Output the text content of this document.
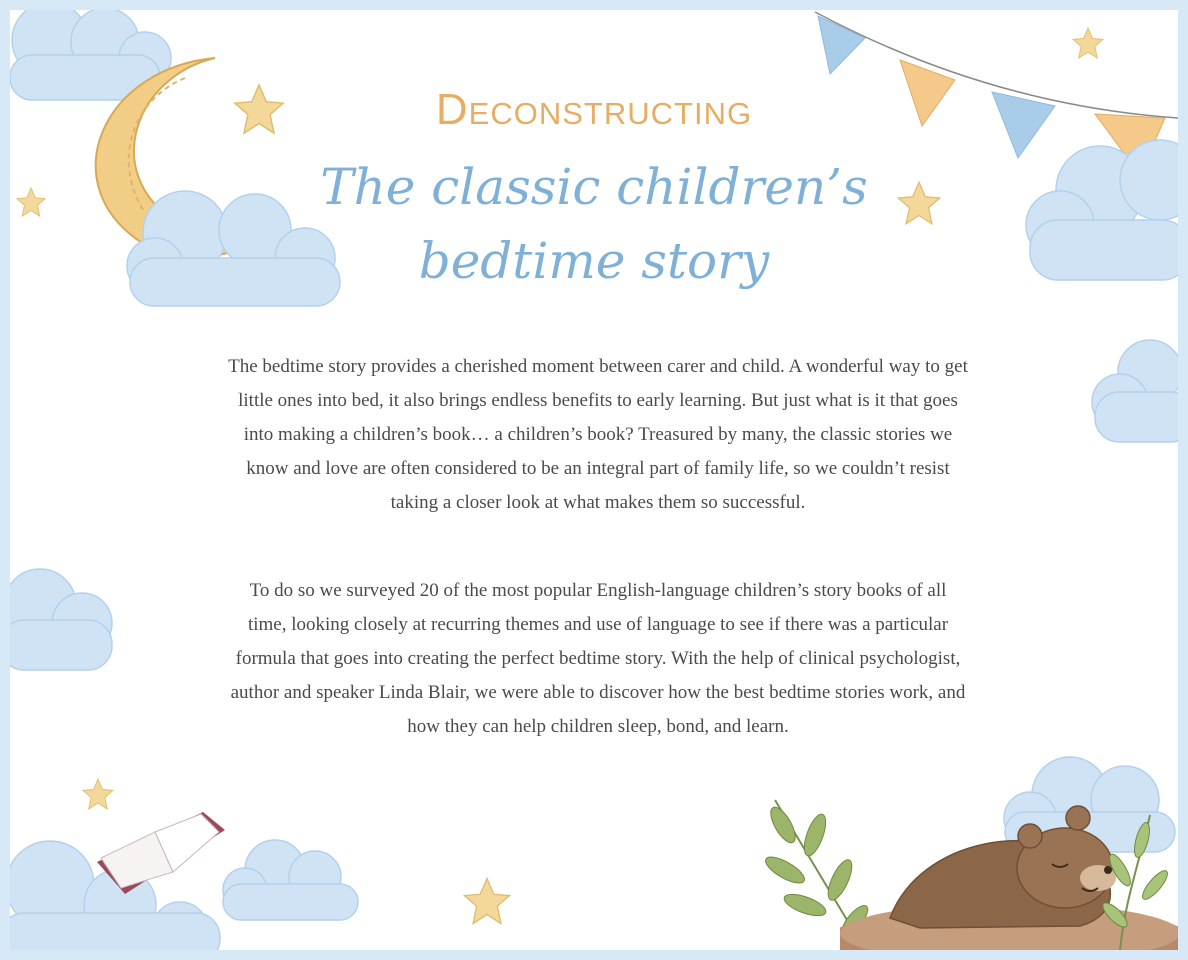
Deconstructing
The classic children’s
bedtime story

The bedtime story provides a cherished moment between carer and child. A wonderful way to get little ones into bed, it also brings endless benefits to early learning. But just what is it that goes into making a children’s book… a children’s book? Treasured by many, the classic stories we know and love are often considered to be an integral part of family life, so we couldn’t resist taking a closer look at what makes them so successful.

To do so we surveyed 20 of the most popular English-language children’s story books of all time, looking closely at recurring themes and use of language to see if there was a particular formula that goes into creating the perfect bedtime story. With the help of clinical psychologist, author and speaker Linda Blair, we were able to discover how the best bedtime stories work, and how they can help children sleep, bond, and learn.
